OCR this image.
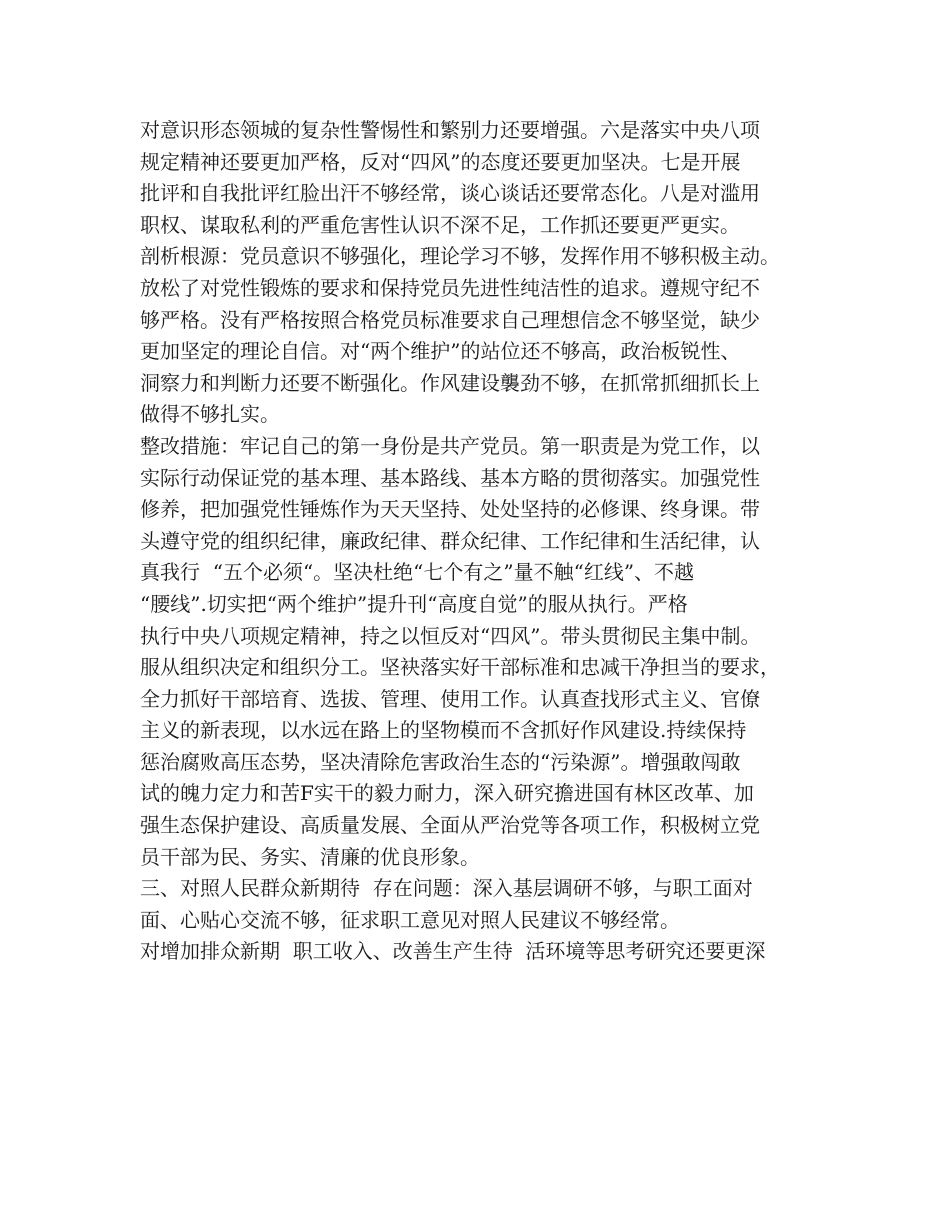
对意识形态领城的复杂性警惕性和繁别力还要增强。六是落实中央八项
规定精神还要更加严格，反对“四风”的态度还要更加坚决。七是开展
批评和自我批评红脸出汗不够经常，谈心谈话还要常态化。八是对滥用
职权、谋取私利的严重危害性认识不深不足，工作抓还要更严更实。
剖析根源：党员意识不够强化，理论学习不够，发挥作用不够积极主动。
放松了对党性锻炼的要求和保持党员先进性纯洁性的追求。遵规守纪不
够严格。没有严格按照合格党员标准要求自己理想信念不够坚觉，缺少
更加坚定的理论自信。对“两个维护”的站位还不够高，政治板锐性、
洞察力和判断力还要不断强化。作风建设襲劲不够，在抓常抓细抓长上
做得不够扎实。
整改措施：牢记自己的第一身份是共产党员。第一职责是为党工作，以
实际行动保证党的基本理、基本路线、基本方略的贯彻落实。加强党性
修养，把加强党性锤炼作为天天坚持、处处坚持的必修课、终身课。带
头遵守党的组织纪律，廉政纪律、群众纪律、工作纪律和生活纪律，认
真我行  “五个必须“。坚决杜绝“七个有之”量不触“红线”、不越
“腰线”.切实把“两个维护”提升刊“高度自觉”的服从执行。严格
执行中央八项规定精神，持之以恒反对“四风”。带头贯彻民主集中制。
服从组织决定和组织分工。坚袂落实好干部标准和忠减干净担当的要求，
全力抓好干部培育、选拔、管理、使用工作。认真查找形式主义、官僚
主义的新表现，以水远在路上的坚物模而不含抓好作风建设.持续保持
惩治腐败高压态势，坚决清除危害政治生态的“污染源”。增强敢闯敢
试的魄力定力和苦F实干的毅力耐力，深入研究擔进国有林区改革、加
强生态保护建设、高质量发展、全面从严治党等各项工作，积极树立党
员干部为民、务实、清廉的优良形象。
三、对照人民群众新期待  存在问题：深入基层调研不够，与职工面对
面、心贴心交流不够，征求职工意见对照人民建议不够经常。
对增加排众新期  职工收入、改善生产生待  活环境等思考研究还要更深
